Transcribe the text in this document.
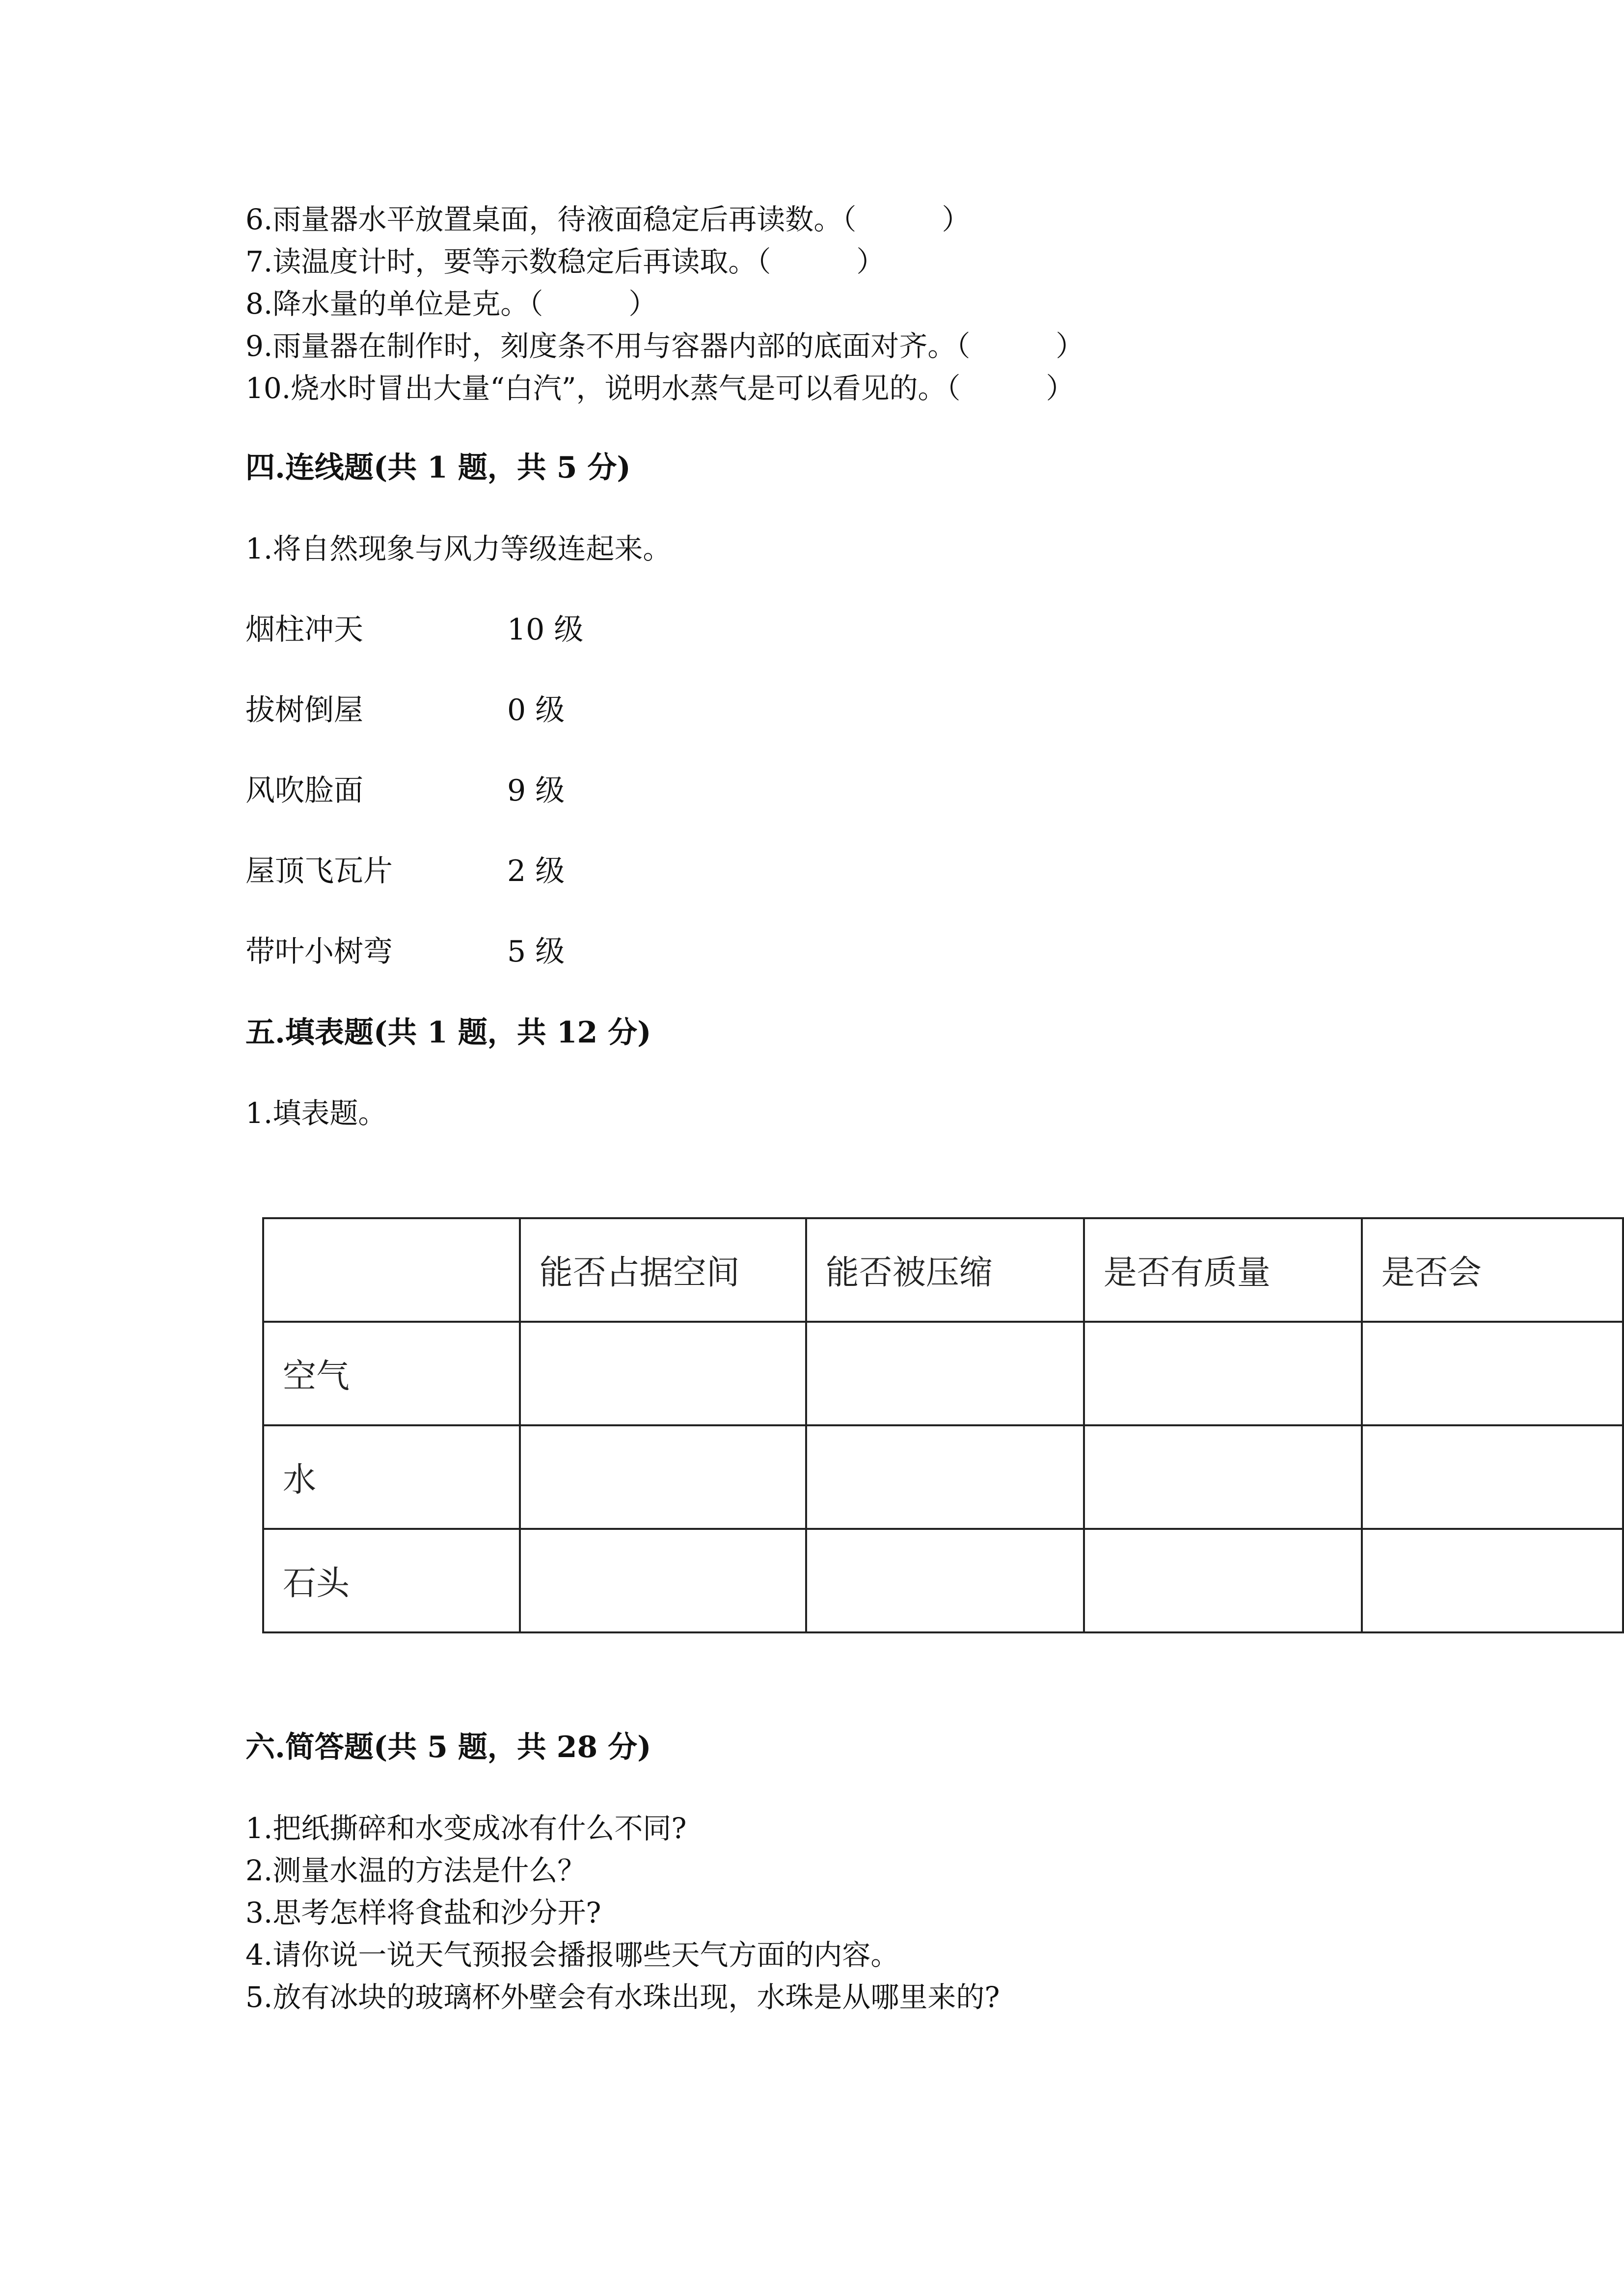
6.雨量器水平放置桌面，待液面稳定后再读数。（　　　）
7.读温度计时，要等示数稳定后再读取。（　　　）
8.降水量的单位是克。（　　　）
9.雨量器在制作时，刻度条不用与容器内部的底面对齐。（　　　）
10.烧水时冒出大量“白汽”，说明水蒸气是可以看见的。（　　　）
四.连线题(共 1 题，共 5 分)
1.将自然现象与风力等级连起来。
烟柱冲天	10 级
拔树倒屋	0 级
风吹脸面	9 级
屋顶飞瓦片	2 级
带叶小树弯	5 级
五.填表题(共 1 题，共 12 分)
1.填表题。
	能否占据空间	能否被压缩	是否有质量	是否会
空气				
水				
石头				
六.简答题(共 5 题，共 28 分)
1.把纸撕碎和水变成冰有什么不同?
2.测量水温的方法是什么？
3.思考怎样将食盐和沙分开?
4.请你说一说天气预报会播报哪些天气方面的内容。
5.放有冰块的玻璃杯外壁会有水珠出现，水珠是从哪里来的?
